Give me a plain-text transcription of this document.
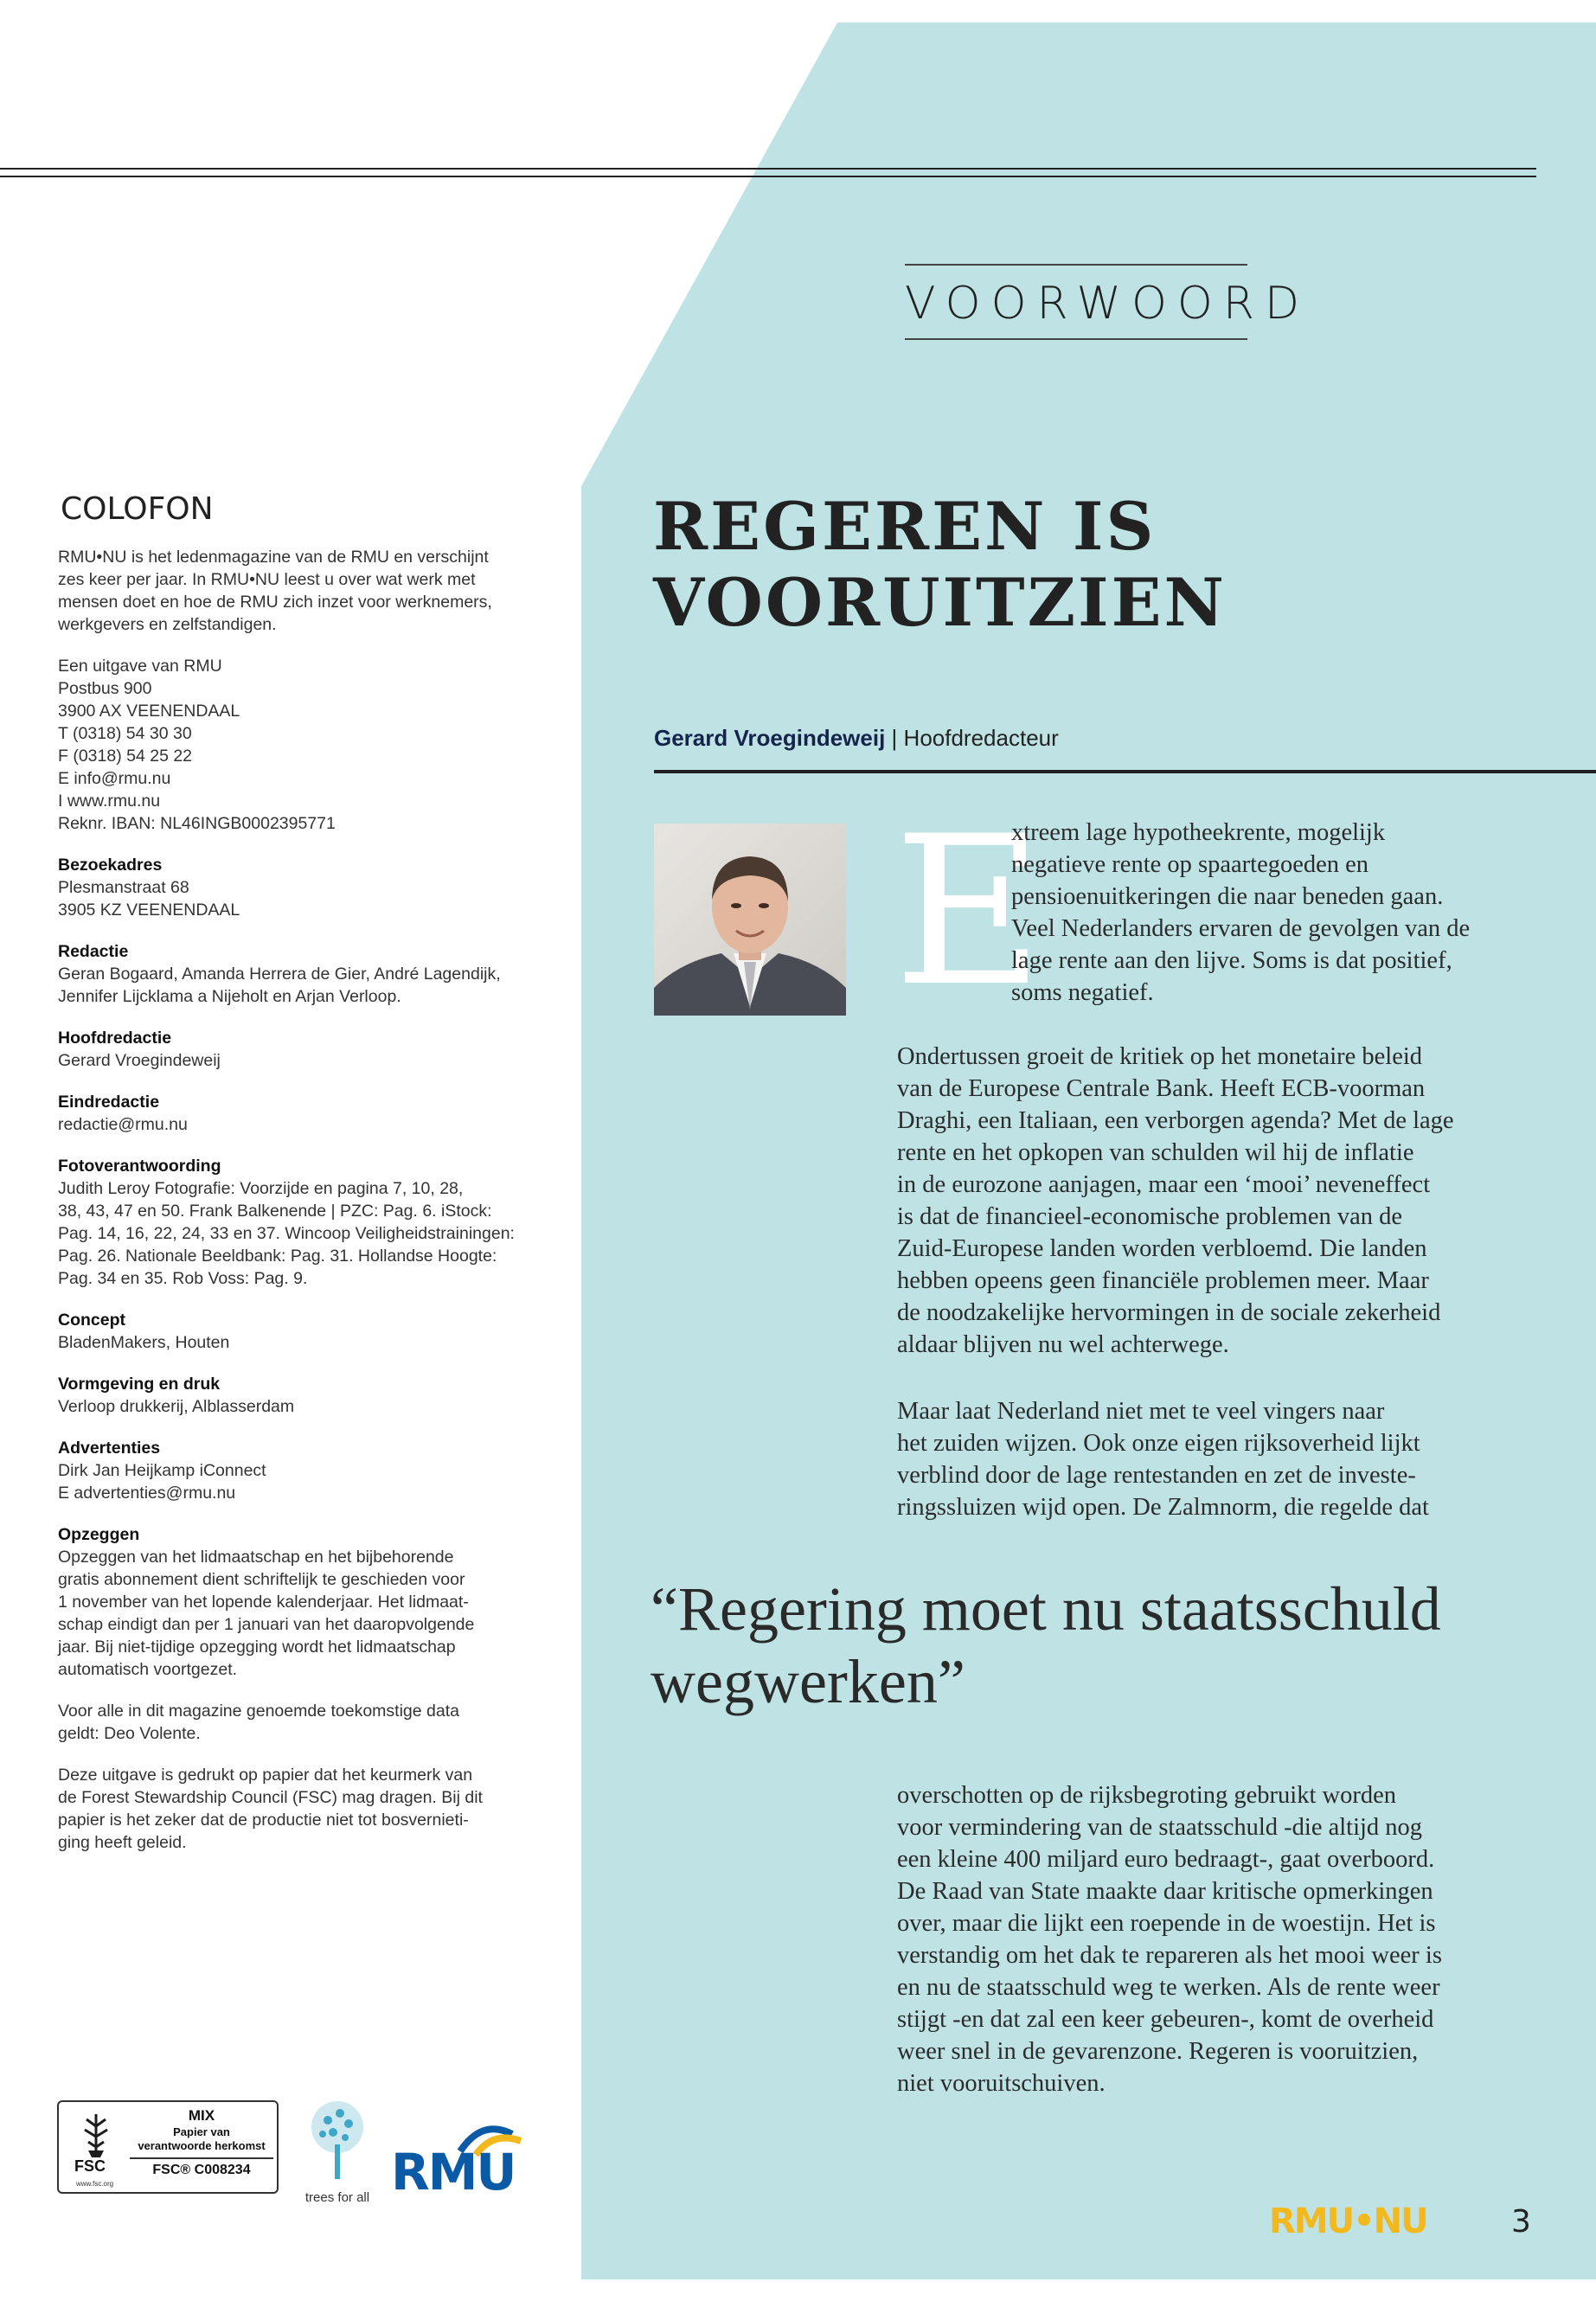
VOORWOORD
COLOFON
RMU•NU is het ledenmagazine van de RMU en verschijnt
zes keer per jaar. In RMU•NU leest u over wat werk met
mensen doet en hoe de RMU zich inzet voor werknemers,
werkgevers en zelfstandigen.
Een uitgave van RMU
Postbus 900
3900 AX VEENENDAAL
T (0318) 54 30 30
F (0318) 54 25 22
E info@rmu.nu
I www.rmu.nu
Reknr. IBAN: NL46INGB0002395771
Bezoekadres
Plesmanstraat 68
3905 KZ VEENENDAAL
Redactie
Geran Bogaard, Amanda Herrera de Gier, André Lagendijk,
Jennifer Lijcklama a Nijeholt en Arjan Verloop.
Hoofdredactie
Gerard Vroegindeweij
Eindredactie
redactie@rmu.nu
Fotoverantwoording
Judith Leroy Fotografie: Voorzijde en pagina 7, 10, 28,
38, 43, 47 en 50. Frank Balkenende | PZC: Pag. 6. iStock:
Pag. 14, 16, 22, 24, 33 en 37. Wincoop Veiligheidstrainingen:
Pag. 26. Nationale Beeldbank: Pag. 31. Hollandse Hoogte:
Pag. 34 en 35. Rob Voss: Pag. 9.
Concept
BladenMakers, Houten
Vormgeving en druk
Verloop drukkerij, Alblasserdam
Advertenties
Dirk Jan Heijkamp iConnect
E advertenties@rmu.nu
Opzeggen
Opzeggen van het lidmaatschap en het bijbehorende
gratis abonnement dient schriftelijk te geschieden voor
1 november van het lopende kalenderjaar. Het lidmaat-
schap eindigt dan per 1 januari van het daaropvolgende
jaar. Bij niet-tijdige opzegging wordt het lidmaatschap
automatisch voortgezet.
Voor alle in dit magazine genoemde toekomstige data
geldt: Deo Volente.
Deze uitgave is gedrukt op papier dat het keurmerk van
de Forest Stewardship Council (FSC) mag dragen. Bij dit
papier is het zeker dat de productie niet tot bosvernieti-
ging heeft geleid.
REGEREN IS
VOORUITZIEN
Gerard Vroegindeweij | Hoofdredacteur
E
xtreem lage hypotheekrente, mogelijk
negatieve rente op spaartegoeden en
pensioenuitkeringen die naar beneden gaan.
Veel Nederlanders ervaren de gevolgen van de
lage rente aan den lijve. Soms is dat positief,
soms negatief.
Ondertussen groeit de kritiek op het monetaire beleid
van de Europese Centrale Bank. Heeft ECB-voorman
Draghi, een Italiaan, een verborgen agenda? Met de lage
rente en het opkopen van schulden wil hij de inflatie
in de eurozone aanjagen, maar een ‘mooi’ neveneffect
is dat de financieel-economische problemen van de
Zuid-Europese landen worden verbloemd. Die landen
hebben opeens geen financiële problemen meer. Maar
de noodzakelijke hervormingen in de sociale zekerheid
aldaar blijven nu wel achterwege.
Maar laat Nederland niet met te veel vingers naar
het zuiden wijzen. Ook onze eigen rijksoverheid lijkt
verblind door de lage rentestanden en zet de investe-
ringssluizen wijd open. De Zalmnorm, die regelde dat
“Regering moet nu staatsschuld
wegwerken”
overschotten op de rijksbegroting gebruikt worden
voor vermindering van de staatsschuld -die altijd nog
een kleine 400 miljard euro bedraagt-, gaat overboord.
De Raad van State maakte daar kritische opmerkingen
over, maar die lijkt een roepende in de woestijn. Het is
verstandig om het dak te repareren als het mooi weer is
en nu de staatsschuld weg te werken. Als de rente weer
stijgt -en dat zal een keer gebeuren-, komt de overheid
weer snel in de gevarenzone. Regeren is vooruitzien,
niet vooruitschuiven.
MIX
Papier van
verantwoorde herkomst
FSC® C008234
FSC
www.fsc.org
trees for all RMU
RMU•NU	3
